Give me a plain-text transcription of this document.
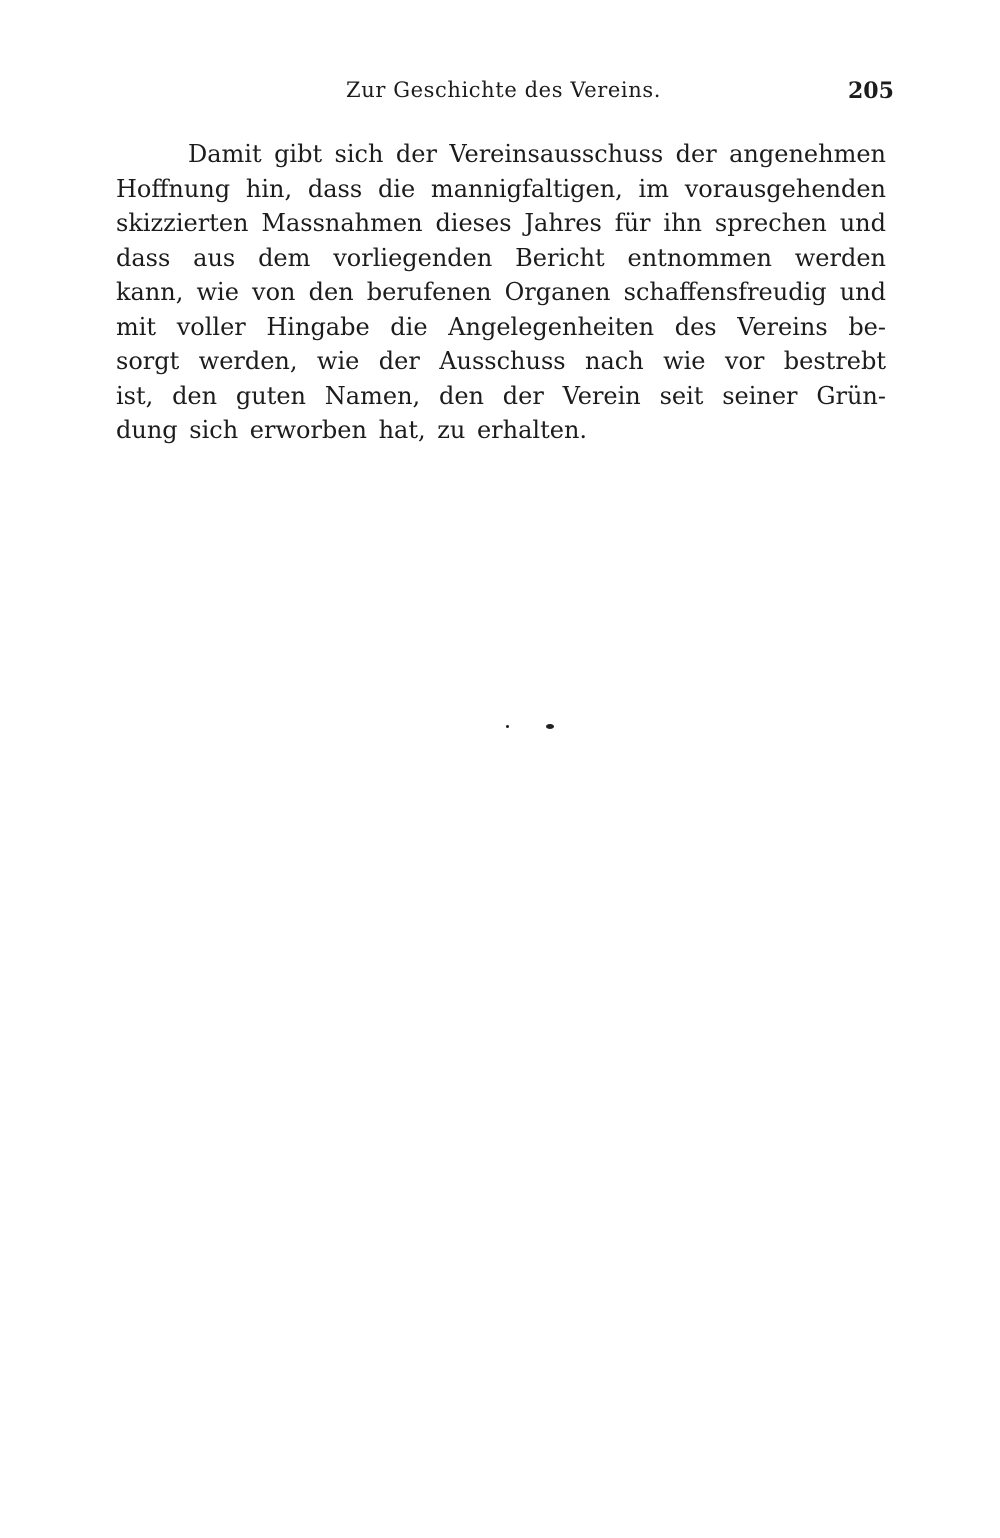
Zur Geschichte des Vereins.	205
Damit gibt sich der Vereinsausschuss der angenehmen
Hoffnung hin, dass die mannigfaltigen, im vorausgehenden
skizzierten Massnahmen dieses Jahres für ihn sprechen und
dass aus dem vorliegenden Bericht entnommen werden
kann, wie von den berufenen Organen schaffensfreudig und
mit voller Hingabe die Angelegenheiten des Vereins be-
sorgt werden, wie der Ausschuss nach wie vor bestrebt
ist, den guten Namen, den der Verein seit seiner Grün-
dung sich erworben hat, zu erhalten.
